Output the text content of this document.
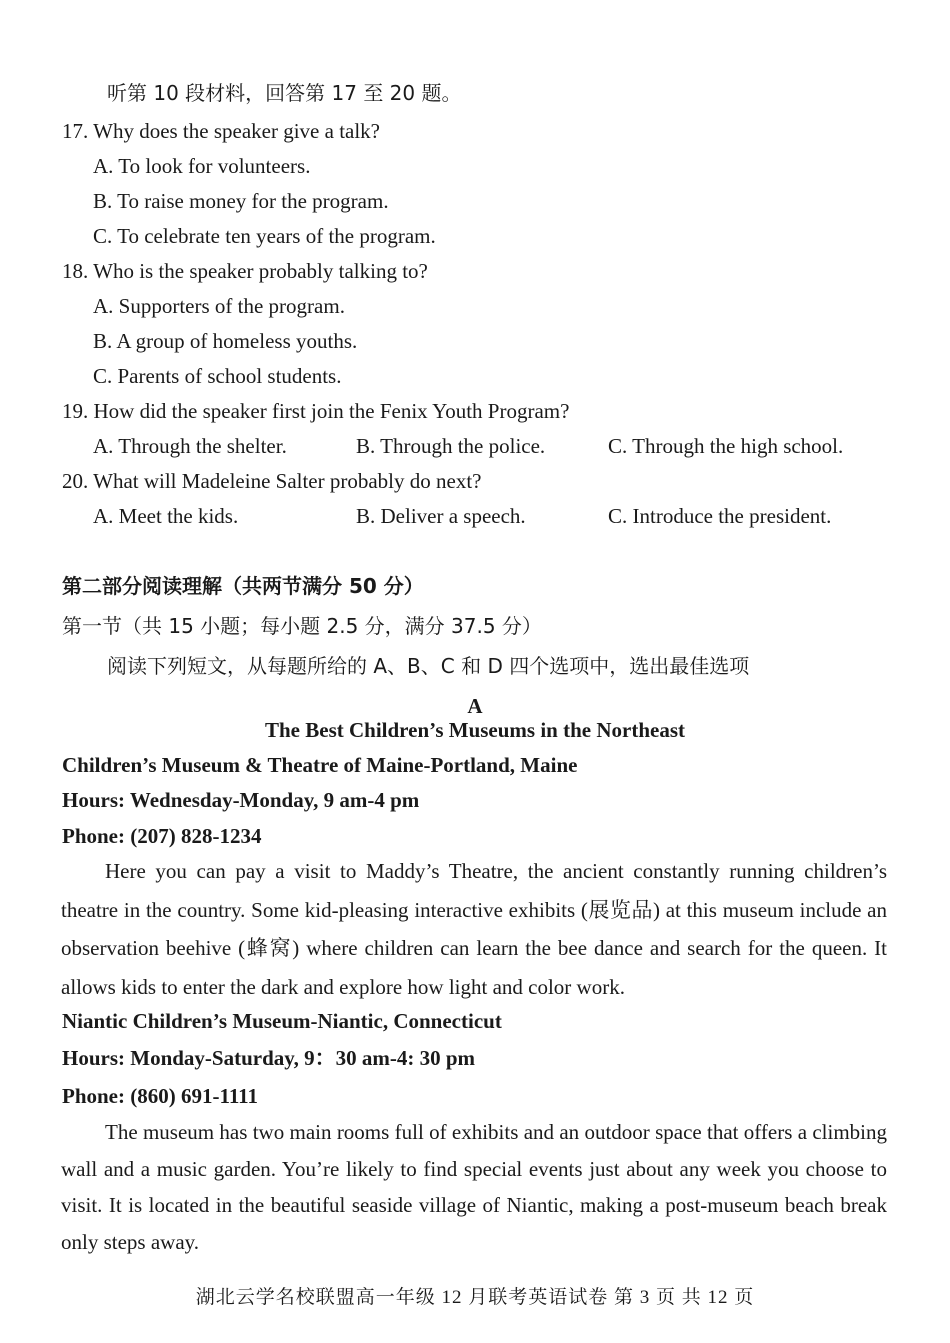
听第 10 段材料，回答第 17 至 20 题。
17. Why does the speaker give a talk?
A. To look for volunteers.
B. To raise money for the program.
C. To celebrate ten years of the program.
18. Who is the speaker probably talking to?
A. Supporters of the program.
B. A group of homeless youths.
C. Parents of school students.
19. How did the speaker first join the Fenix Youth Program?
A. Through the shelter.	B. Through the police.	C. Through the high school.
20. What will Madeleine Salter probably do next?
A. Meet the kids.	B. Deliver a speech.	C. Introduce the president.
第二部分阅读理解（共两节满分 50 分）
第一节（共 15 小题；每小题 2.5 分，满分 37.5 分）
阅读下列短文，从每题所给的 A、B、C 和 D 四个选项中，选出最佳选项
A
The Best Children’s Museums in the Northeast
Children’s Museum & Theatre of Maine-Portland, Maine
Hours: Wednesday-Monday, 9 am-4 pm
Phone: (207) 828-1234

Here you can pay a visit to Maddy’s Theatre, the ancient constantly running children’s theatre in the country. Some kid-pleasing interactive exhibits (展览品) at this museum include an observation beehive (蜂窝) where children can learn the bee dance and search for the queen. It allows kids to enter the dark and explore how light and color work.

Niantic Children’s Museum-Niantic, Connecticut
Hours: Monday-Saturday, 9：30 am-4: 30 pm
Phone: (860) 691-1111

The museum has two main rooms full of exhibits and an outdoor space that offers a climbing wall and a music garden. You’re likely to find special events just about any week you choose to visit. It is located in the beautiful seaside village of Niantic, making a post-museum beach break only steps away.

湖北云学名校联盟高一年级 12 月联考英语试卷 第 3 页 共 12 页
